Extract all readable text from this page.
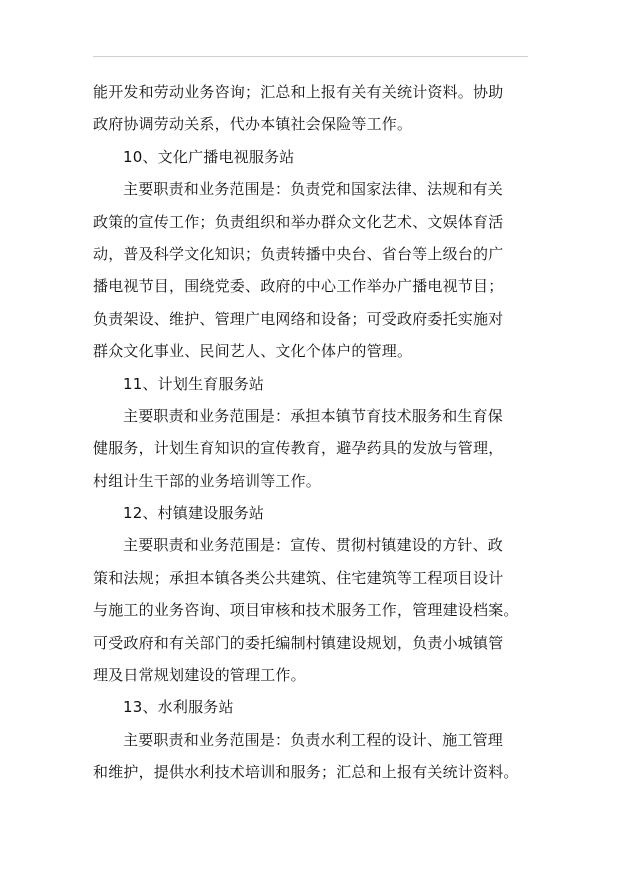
能开发和劳动业务咨询；汇总和上报有关有关统计资料。协助
政府协调劳动关系，代办本镇社会保险等工作。
10、文化广播电视服务站
主要职责和业务范围是：负责党和国家法律、法规和有关
政策的宣传工作；负责组织和举办群众文化艺术、文娱体育活
动，普及科学文化知识；负责转播中央台、省台等上级台的广
播电视节目，围绕党委、政府的中心工作举办广播电视节目；
负责架设、维护、管理广电网络和设备；可受政府委托实施对
群众文化事业、民间艺人、文化个体户的管理。
11、计划生育服务站
主要职责和业务范围是：承担本镇节育技术服务和生育保
健服务，计划生育知识的宣传教育，避孕药具的发放与管理，
村组计生干部的业务培训等工作。
12、村镇建设服务站
主要职责和业务范围是：宣传、贯彻村镇建设的方针、政
策和法规；承担本镇各类公共建筑、住宅建筑等工程项目设计
与施工的业务咨询、项目审核和技术服务工作，管理建设档案。
可受政府和有关部门的委托编制村镇建设规划，负责小城镇管
理及日常规划建设的管理工作。
13、水利服务站
主要职责和业务范围是：负责水利工程的设计、施工管理
和维护，提供水利技术培训和服务；汇总和上报有关统计资料。
